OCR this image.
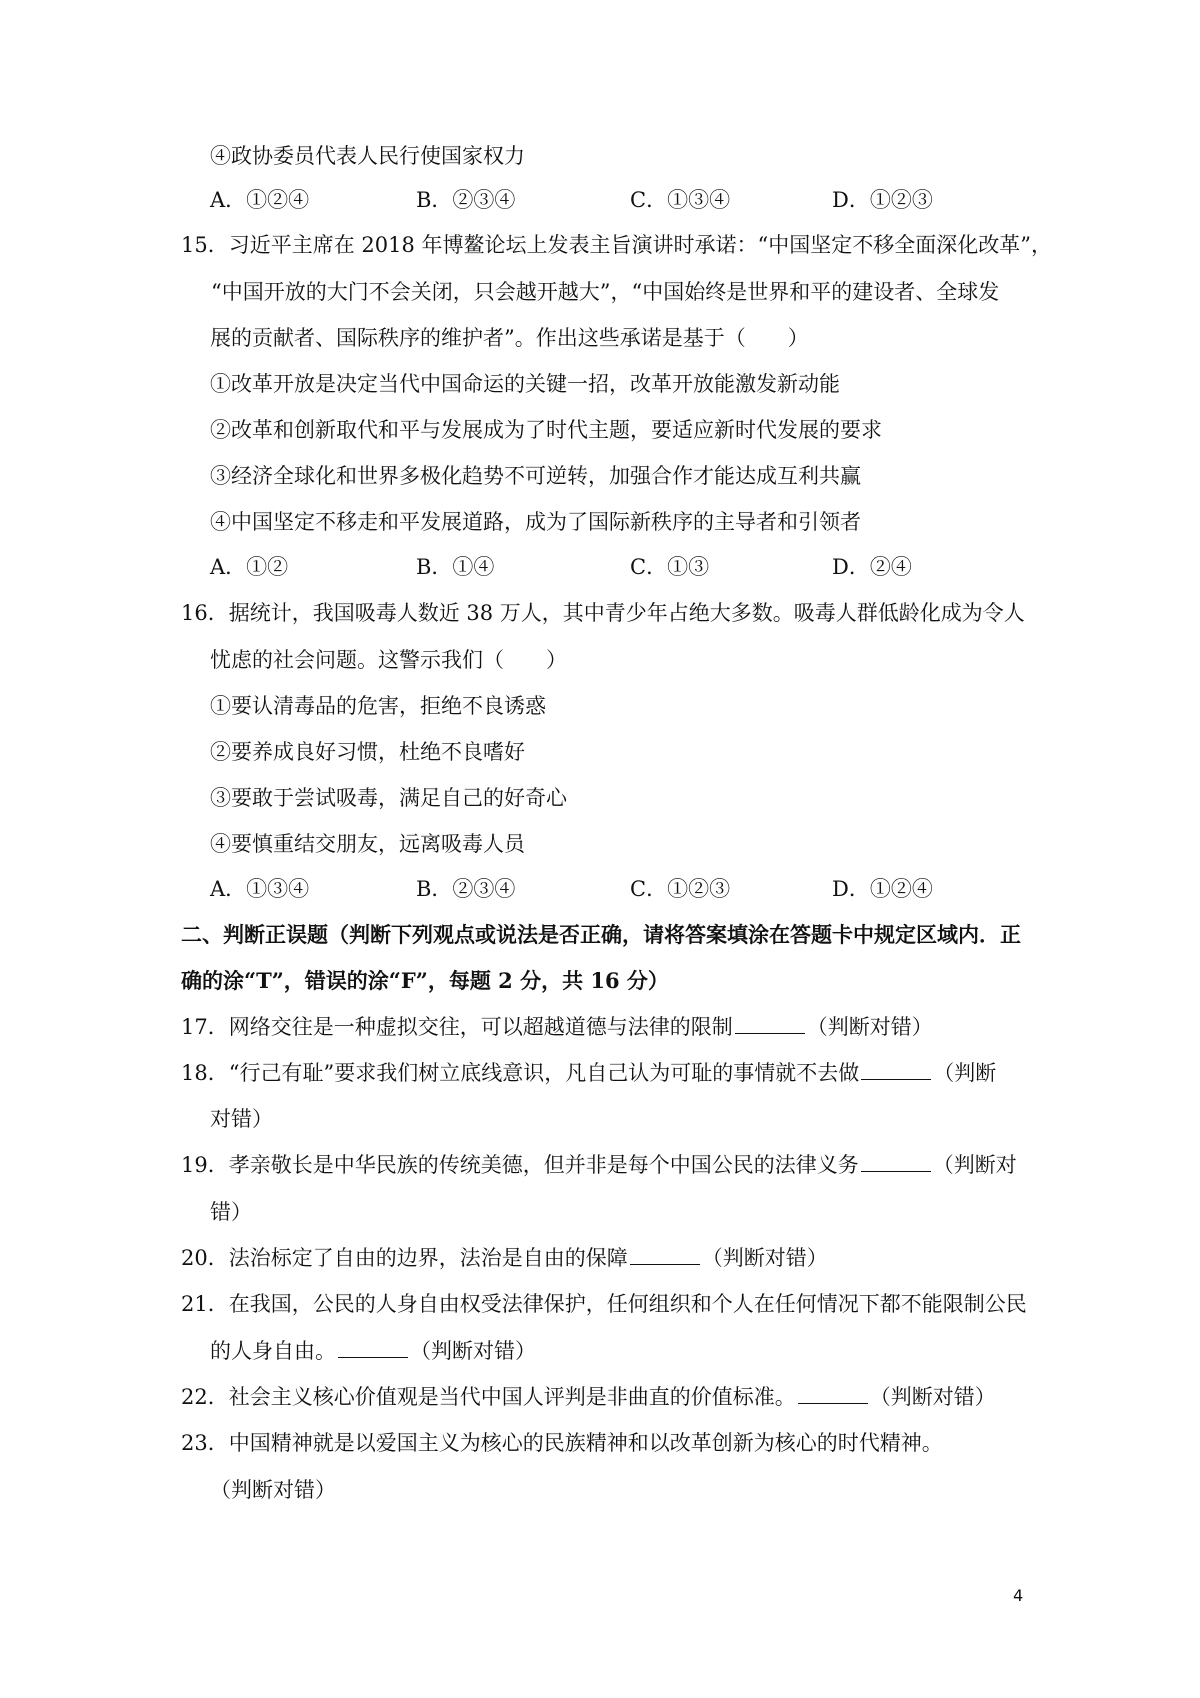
④政协委员代表人民行使国家权力
A．①②④	B．②③④	C．①③④	D．①②③
15．习近平主席在 2018 年博鳌论坛上发表主旨演讲时承诺：“中国坚定不移全面深化改革”，
“中国开放的大门不会关闭，只会越开越大”，“中国始终是世界和平的建设者、全球发
展的贡献者、国际秩序的维护者”。作出这些承诺是基于（　　）
①改革开放是决定当代中国命运的关键一招，改革开放能激发新动能
②改革和创新取代和平与发展成为了时代主题，要适应新时代发展的要求
③经济全球化和世界多极化趋势不可逆转，加强合作才能达成互利共赢
④中国坚定不移走和平发展道路，成为了国际新秩序的主导者和引领者
A．①②	B．①④	C．①③	D．②④
16．据统计，我国吸毒人数近 38 万人，其中青少年占绝大多数。吸毒人群低龄化成为令人
忧虑的社会问题。这警示我们（　　）
①要认清毒品的危害，拒绝不良诱惑
②要养成良好习惯，杜绝不良嗜好
③要敢于尝试吸毒，满足自己的好奇心
④要慎重结交朋友，远离吸毒人员
A．①③④	B．②③④	C．①②③	D．①②④
二、判断正误题（判断下列观点或说法是否正确，请将答案填涂在答题卡中规定区域内．正
确的涂“T”，错误的涂“F”，每题 2 分，共 16 分）
17．网络交往是一种虚拟交往，可以超越道德与法律的限制	（判断对错）
18．“行己有耻”要求我们树立底线意识，凡自己认为可耻的事情就不去做	（判断
对错）
19．孝亲敬长是中华民族的传统美德，但并非是每个中国公民的法律义务	（判断对
错）
20．法治标定了自由的边界，法治是自由的保障	（判断对错）
21．在我国，公民的人身自由权受法律保护，任何组织和个人在任何情况下都不能限制公民
的人身自由。	（判断对错）
22．社会主义核心价值观是当代中国人评判是非曲直的价值标准。	（判断对错）
23．中国精神就是以爱国主义为核心的民族精神和以改革创新为核心的时代精神。
（判断对错）
4
